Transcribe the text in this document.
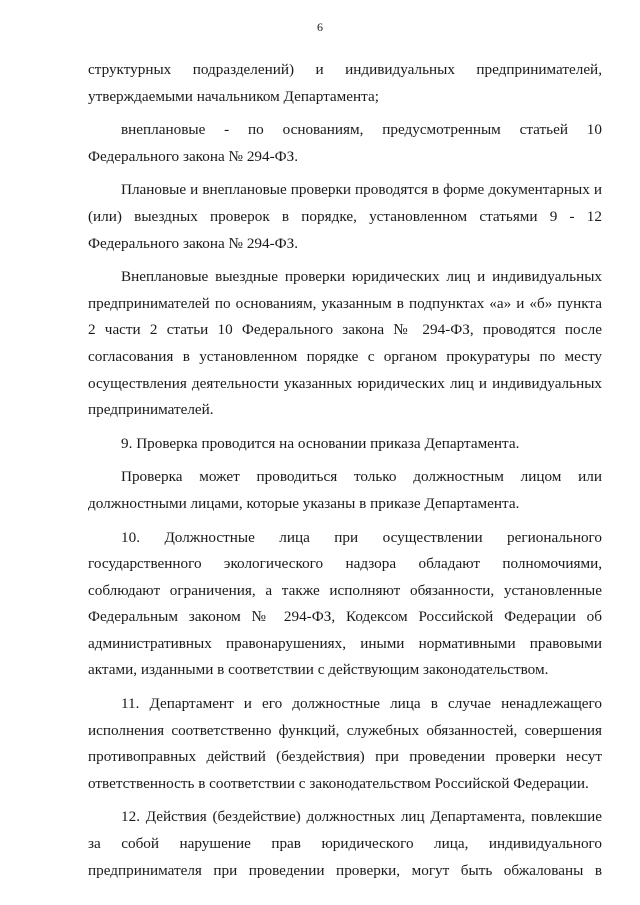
6

структурных подразделений) и индивидуальных предпринимателей, утверждаемыми начальником Департамента;

внеплановые - по основаниям, предусмотренным статьей 10 Федерального закона № 294-ФЗ.

Плановые и внеплановые проверки проводятся в форме документарных и (или) выездных проверок в порядке, установленном статьями 9 - 12 Федерального закона № 294-ФЗ.

Внеплановые выездные проверки юридических лиц и индивидуальных предпринимателей по основаниям, указанным в подпунктах «а» и «б» пункта 2 части 2 статьи 10 Федерального закона № 294-ФЗ, проводятся после согласования в установленном порядке с органом прокуратуры по месту осуществления деятельности указанных юридических лиц и индивидуальных предпринимателей.

9. Проверка проводится на основании приказа Департамента.

Проверка может проводиться только должностным лицом или должностными лицами, которые указаны в приказе Департамента.

10. Должностные лица при осуществлении регионального государственного экологического надзора обладают полномочиями, соблюдают ограничения, а также исполняют обязанности, установленные Федеральным законом № 294-ФЗ, Кодексом Российской Федерации об административных правонарушениях, иными нормативными правовыми актами, изданными в соответствии с действующим законодательством.

11. Департамент и его должностные лица в случае ненадлежащего исполнения соответственно функций, служебных обязанностей, совершения противоправных действий (бездействия) при проведении проверки несут ответственность в соответствии с законодательством Российской Федерации.

12. Действия (бездействие) должностных лиц Департамента, повлекшие за собой нарушение прав юридического лица, индивидуального предпринимателя при проведении проверки, могут быть обжалованы в
